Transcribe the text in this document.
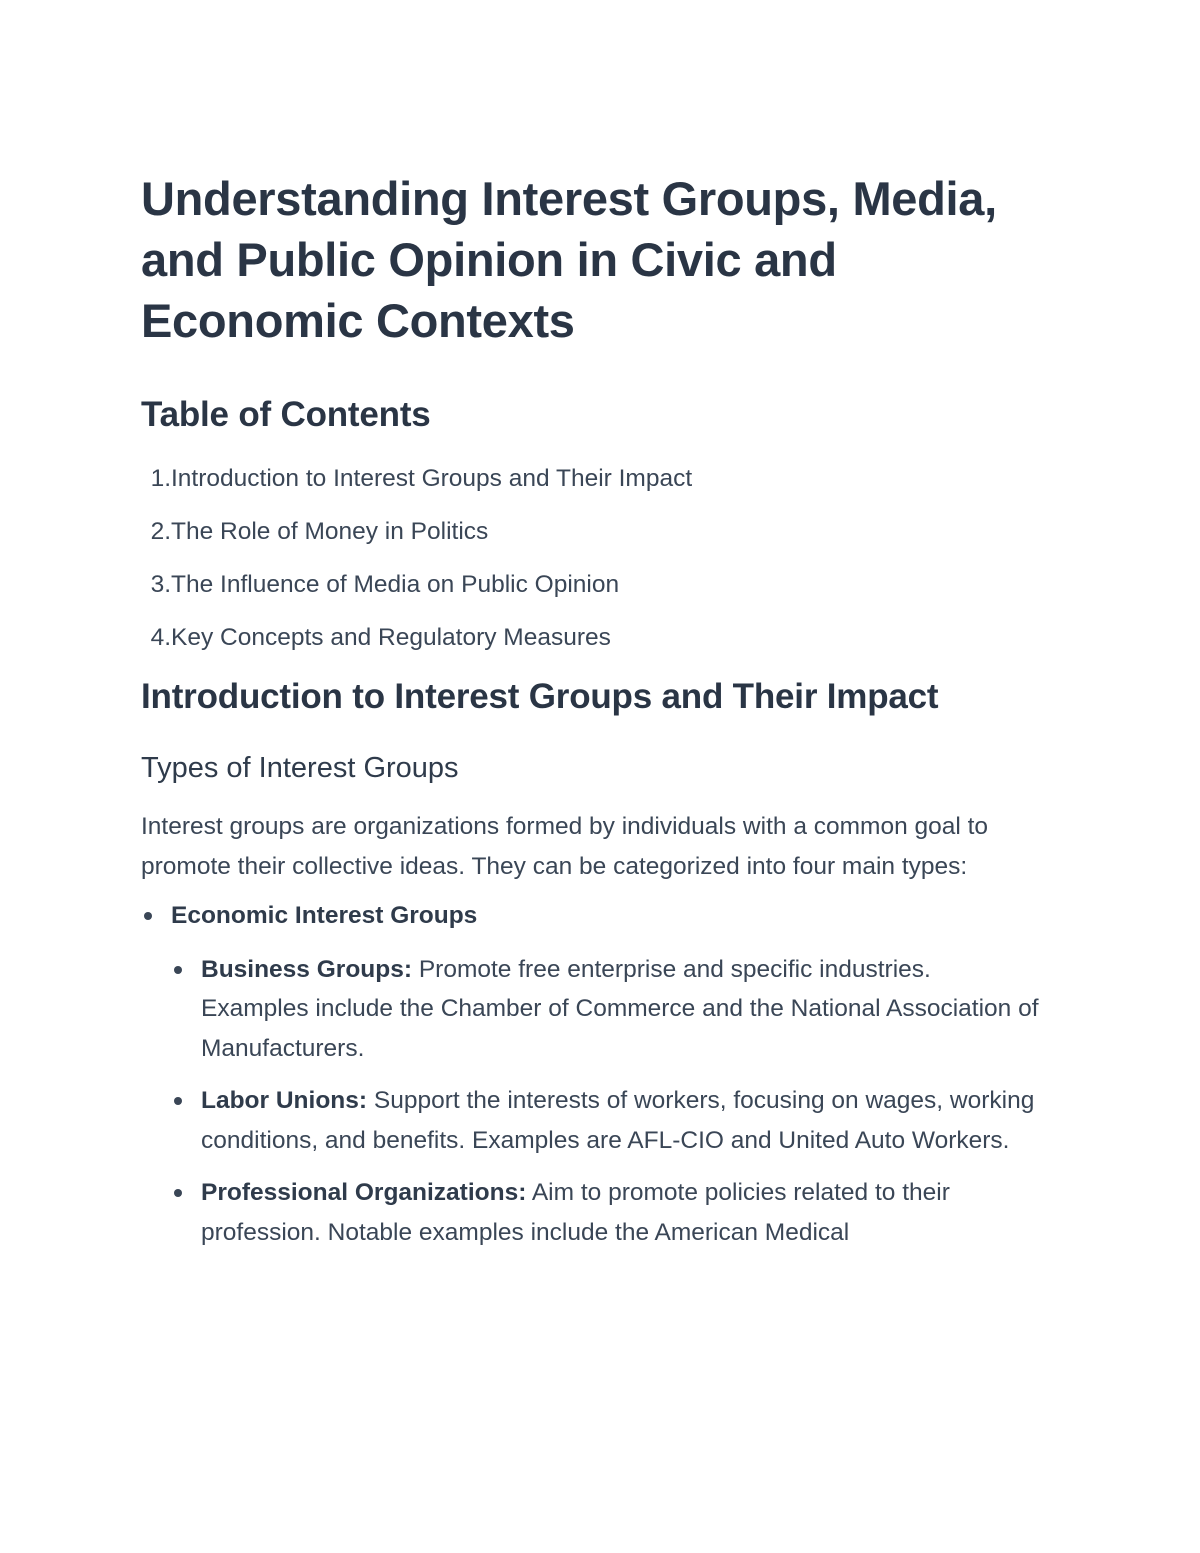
Understanding Interest Groups, Media, and Public Opinion in Civic and Economic Contexts
Table of Contents
1. Introduction to Interest Groups and Their Impact
2. The Role of Money in Politics
3. The Influence of Media on Public Opinion
4. Key Concepts and Regulatory Measures
Introduction to Interest Groups and Their Impact
Types of Interest Groups

Interest groups are organizations formed by individuals with a common goal to promote their collective ideas. They can be categorized into four main types:

Economic Interest Groups
Business Groups: Promote free enterprise and specific industries. Examples include the Chamber of Commerce and the National Association of Manufacturers.
Labor Unions: Support the interests of workers, focusing on wages, working conditions, and benefits. Examples are AFL-CIO and United Auto Workers.
Professional Organizations: Aim to promote policies related to their profession. Notable examples include the American Medical
